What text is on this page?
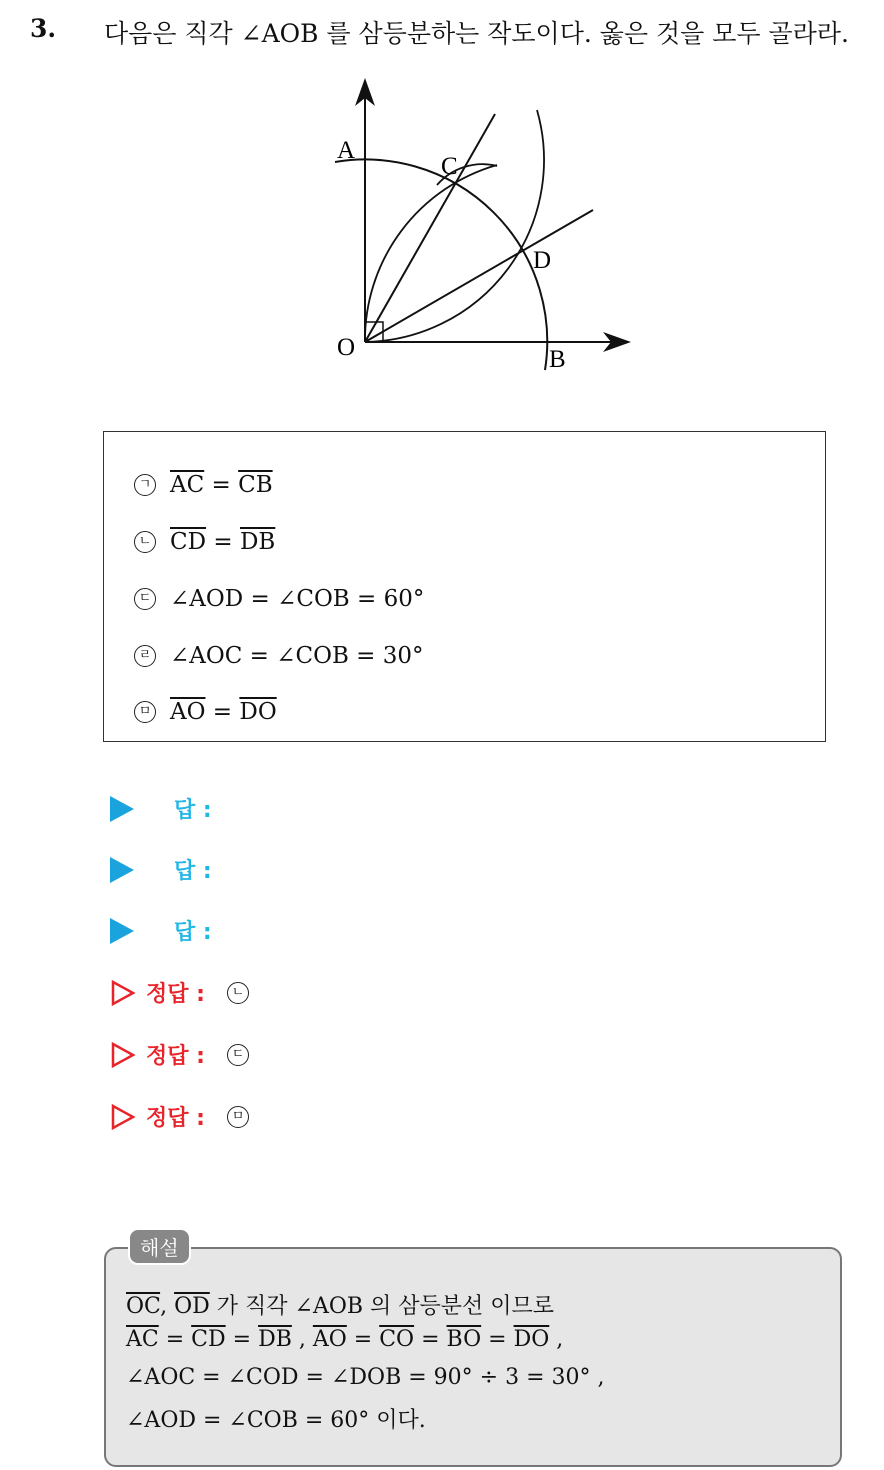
3. 다음은 직각 ∠AOB 를 삼등분하는 작도이다. 옳은 것을 모두 골라라.
A
C
D
O	B
ㄱ $\overline{AC} = \overline{CB}$
ㄴ $\overline{CD} = \overline{DB}$
ㄷ ∠AOD = ∠COB = 60°
ㄹ ∠AOC = ∠COB = 30°
ㅁ $\overline{AO} = \overline{DO}$
답 :
답 :
답 :
정답 :	ㄴ
정답 :	ㄷ
정답 :	ㅁ
$\overline{OC}$, $\overline{OD}$ 가 직각 ∠AOB 의 삼등분선 이므로
$\overline{AC} = \overline{CD} = \overline{DB}$ , $\overline{AO} = \overline{CO} = \overline{BO} = \overline{DO}$ ,
∠AOC = ∠COD = ∠DOB = 90° ÷ 3 = 30° ,
∠AOD = ∠COB = 60° 이다.
해설
